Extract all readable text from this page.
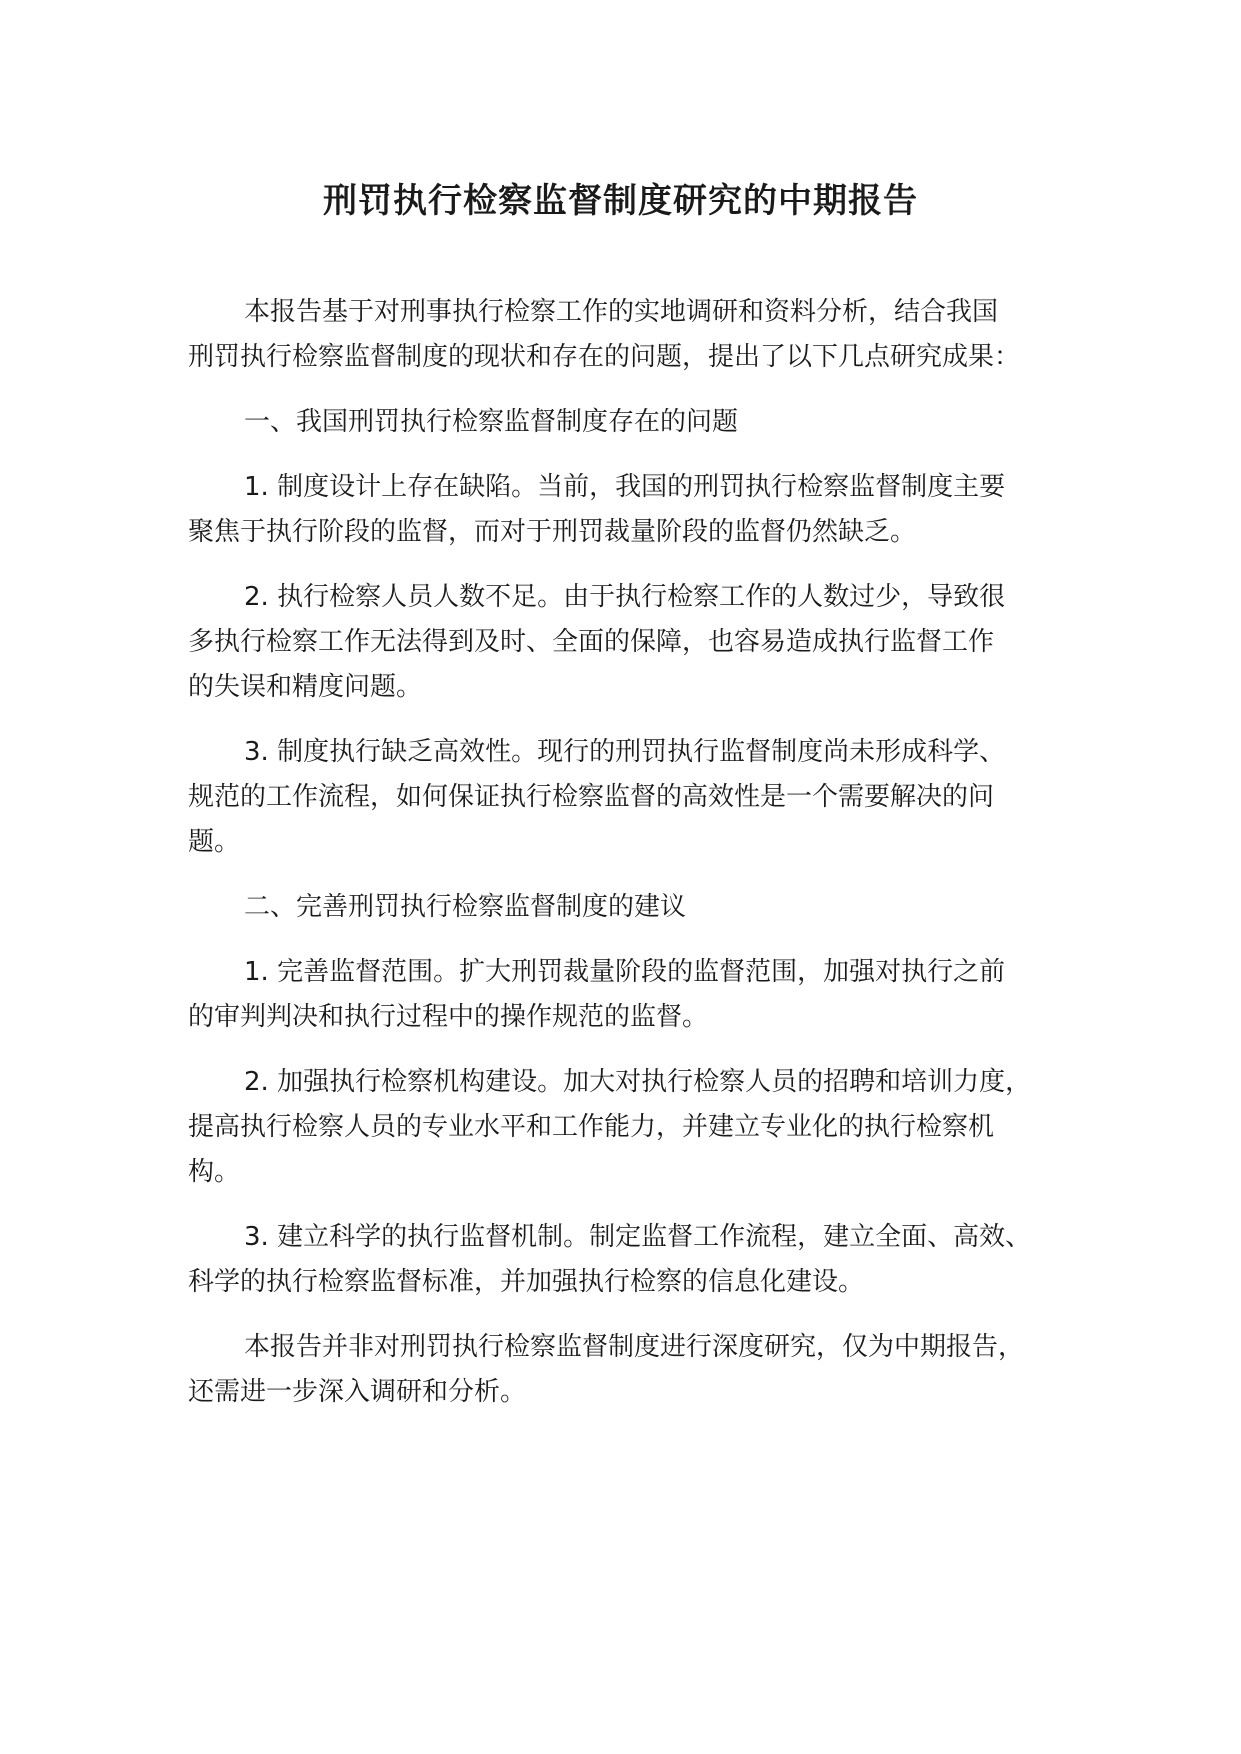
刑罚执行检察监督制度研究的中期报告

本报告基于对刑事执行检察工作的实地调研和资料分析，结合我国
刑罚执行检察监督制度的现状和存在的问题，提出了以下几点研究成果：

一、我国刑罚执行检察监督制度存在的问题

1. 制度设计上存在缺陷。当前，我国的刑罚执行检察监督制度主要
聚焦于执行阶段的监督，而对于刑罚裁量阶段的监督仍然缺乏。

2. 执行检察人员人数不足。由于执行检察工作的人数过少，导致很
多执行检察工作无法得到及时、全面的保障，也容易造成执行监督工作
的失误和精度问题。

3. 制度执行缺乏高效性。现行的刑罚执行监督制度尚未形成科学、
规范的工作流程，如何保证执行检察监督的高效性是一个需要解决的问
题。

二、完善刑罚执行检察监督制度的建议

1. 完善监督范围。扩大刑罚裁量阶段的监督范围，加强对执行之前
的审判判决和执行过程中的操作规范的监督。

2. 加强执行检察机构建设。加大对执行检察人员的招聘和培训力度，
提高执行检察人员的专业水平和工作能力，并建立专业化的执行检察机
构。

3. 建立科学的执行监督机制。制定监督工作流程，建立全面、高效、
科学的执行检察监督标准，并加强执行检察的信息化建设。

本报告并非对刑罚执行检察监督制度进行深度研究，仅为中期报告，
还需进一步深入调研和分析。
